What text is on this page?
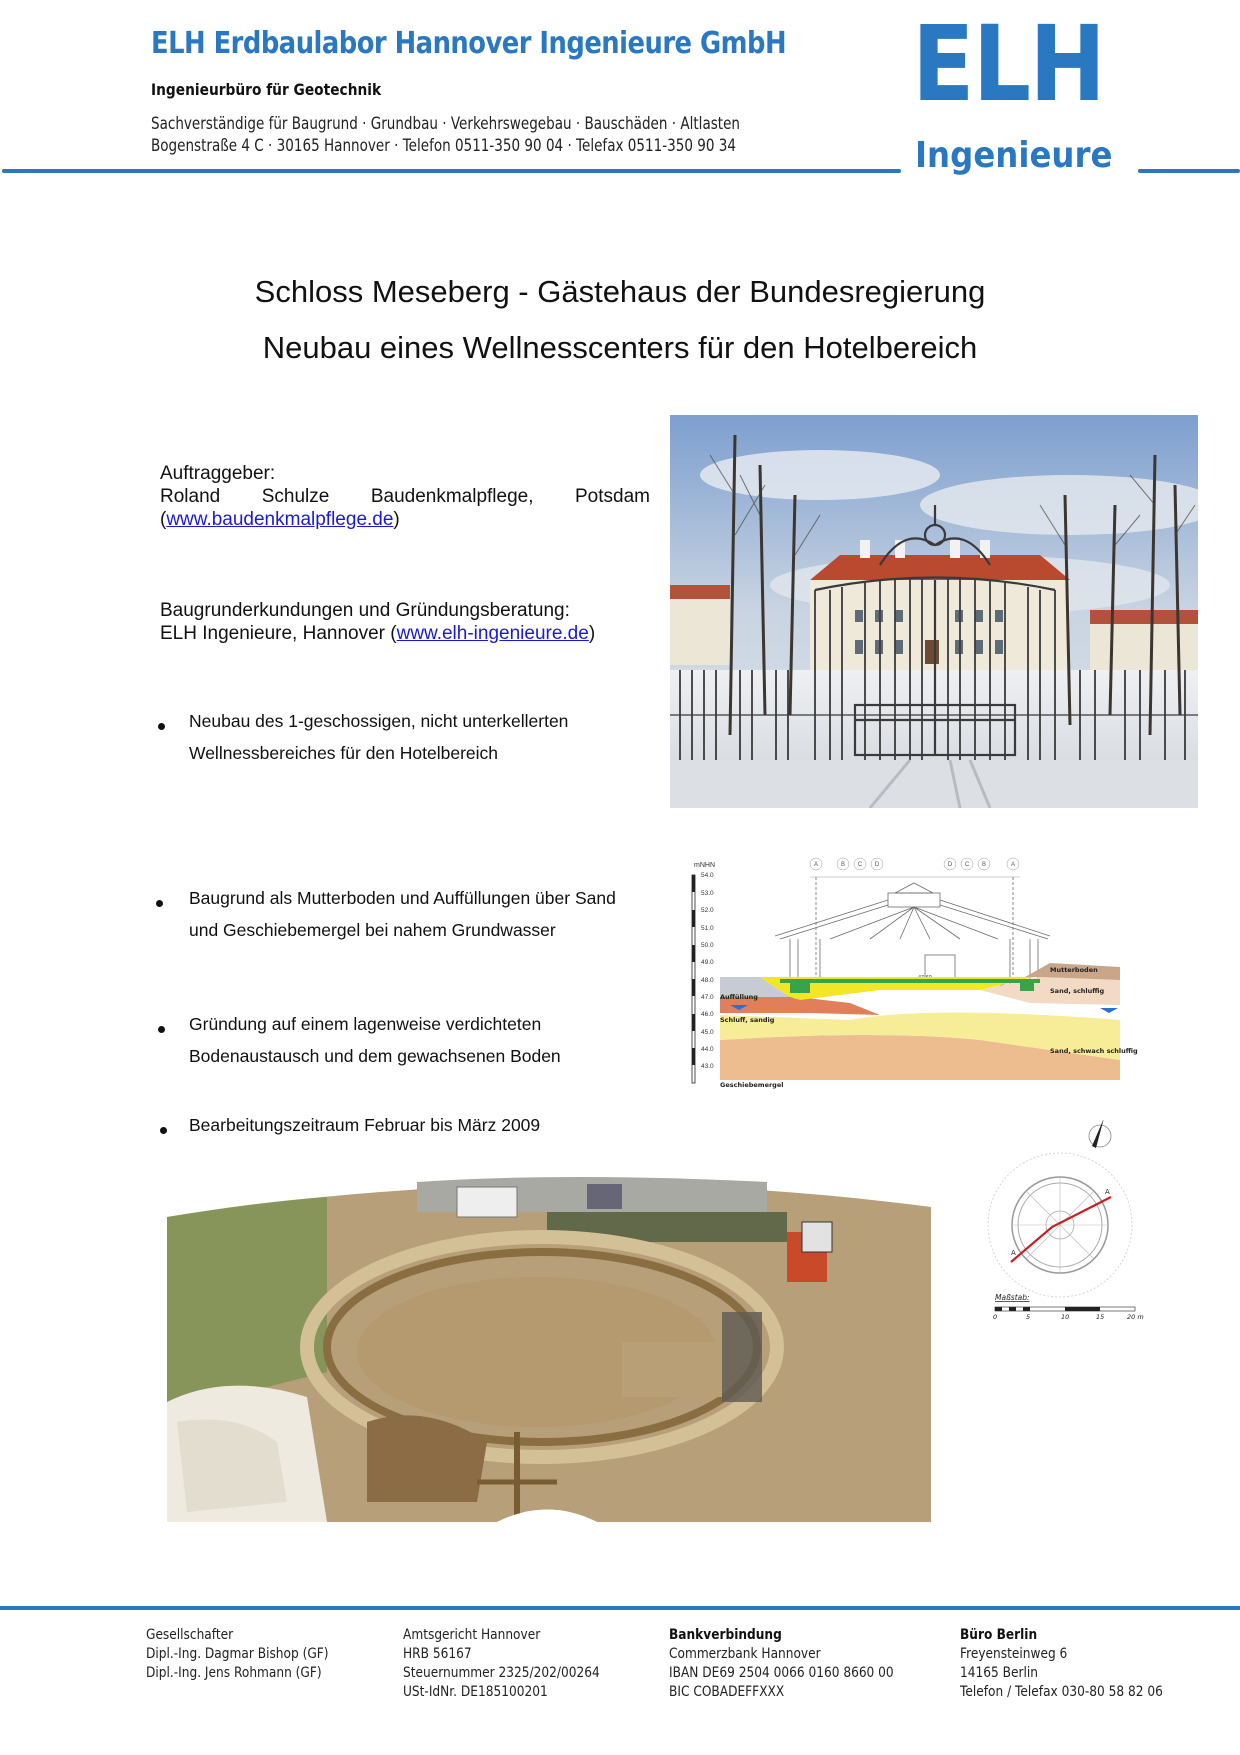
ELH Erdbaulabor Hannover Ingenieure GmbH
Ingenieurbüro für Geotechnik
Sachverständige für Baugrund · Grundbau · Verkehrswegebau · Bauschäden · Altlasten
Bogenstraße 4 C · 30165 Hannover · Telefon 0511-350 90 04 · Telefax 0511-350 90 34
ELH
Ingenieure
Schloss Meseberg - Gästehaus der Bundesregierung
Neubau eines Wellnesscenters für den Hotelbereich
Auftraggeber:
Roland Schulze Baudenkmalpflege, Potsdam
(www.baudenkmalpflege.de)
Baugrunderkundungen und Gründungsberatung:
ELH Ingenieure, Hannover (www.elh-ingenieure.de)
Neubau des 1-geschossigen, nicht unterkellerten
Wellnessbereiches für den Hotelbereich
Baugrund als Mutterboden und Auffüllungen über Sand
und Geschiebemergel bei nahem Grundwasser
Gründung auf einem lagenweise verdichteten
Bodenaustausch und dem gewachsenen Boden
Bearbeitungszeitraum Februar bis März 2009
mNHN
54.0
53.0
52.0
51.0
50.0
49.0
48.0
47.0
46.0
45.0
44.0
43.0
A	B C D	D C B	A
Mutterboden
Sand, schluffig
Auffüllung
Schluff, sandig
Sand, schwach schluffig
Geschiebemergel
A
A
Maßstab:
0	5	10	15	20 m
Gesellschafter
Dipl.-Ing. Dagmar Bishop (GF)
Dipl.-Ing. Jens Rohmann (GF)
Amtsgericht Hannover
HRB 56167
Steuernummer 2325/202/00264
USt-IdNr. DE185100201
Bankverbindung
Commerzbank Hannover
IBAN DE69 2504 0066 0160 8660 00
BIC COBADEFFXXX
Büro Berlin
Freyensteinweg 6
14165 Berlin
Telefon / Telefax 030-80 58 82 06
